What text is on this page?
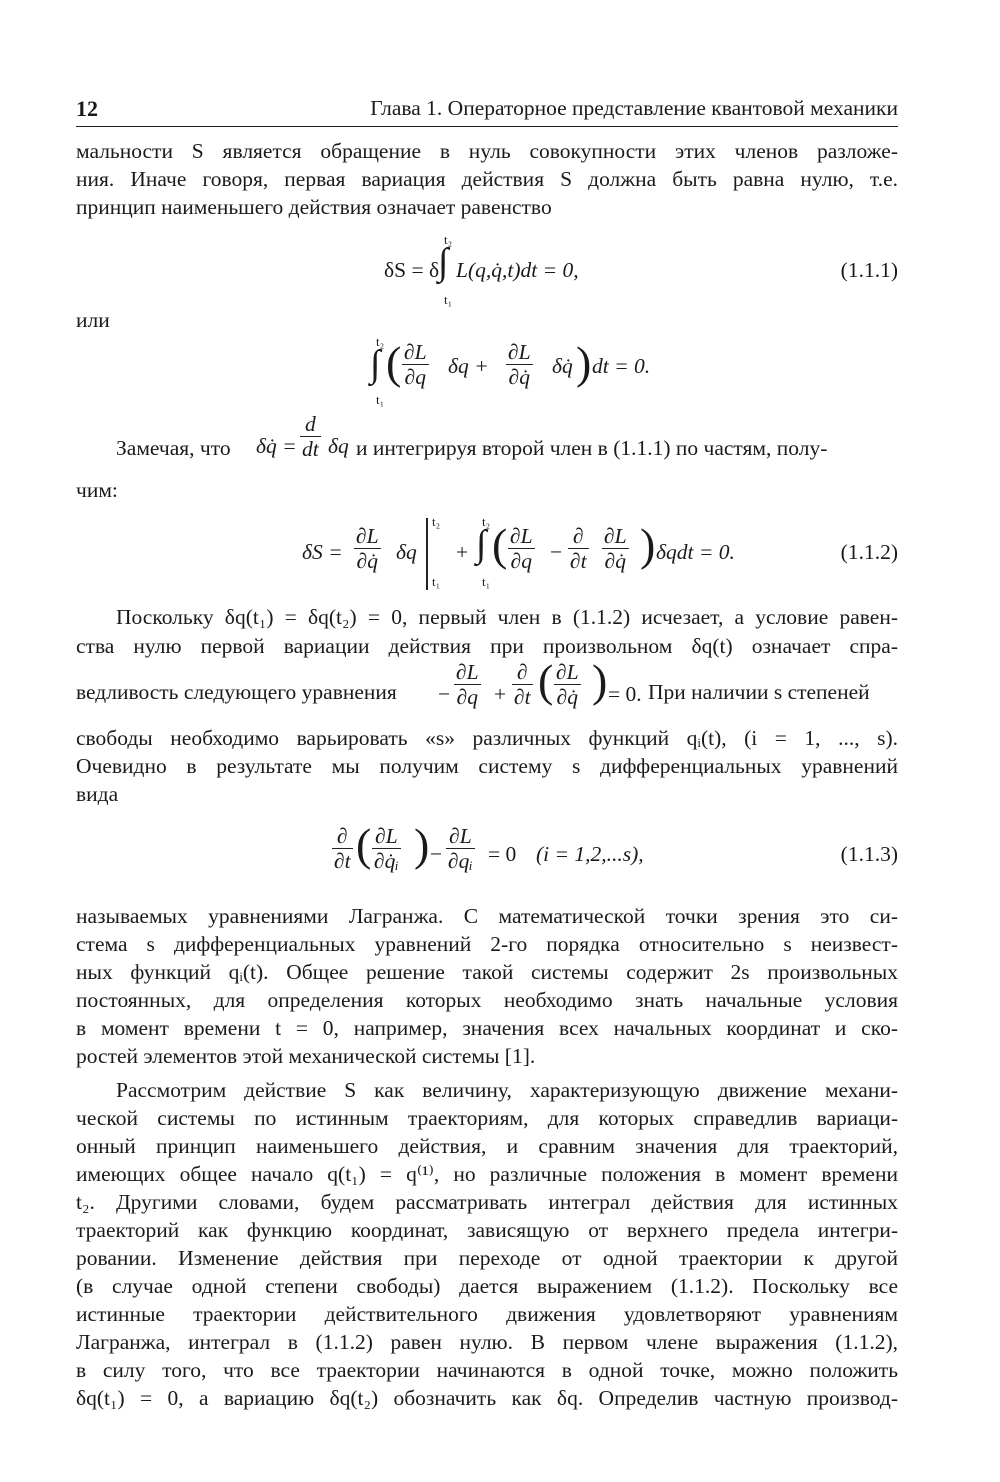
12	Глава 1. Операторное представление квантовой механики
мальности S является обращение в нуль совокупности этих членов разложе-
ния. Иначе говоря, первая вариация действия S должна быть равна нулю, т.е.
принцип наименьшего действия означает равенство
δS = δ
∫
t₂
t₁
L(q,q̇,t)dt = 0,	(1.1.1)
или
∫
t₂
t₁
( $\frac{\partial L}{\partial q}$ $\delta q + \frac{\partial L}{\partial q̇}$ δq̇ ) dt = 0.
Замечая, что δq̇ = $\frac{d}{dt}$ δq и интегрируя второй член в (1.1.1) по частям, полу-
чим:
$\delta S = \frac{\partial L}{\partial q̇}$ δq
t₂
t₁
+ ∫
t₂
t₁
( $\frac{\partial L}{\partial q}$ −
∂
$\partial t \frac{\partial L}{\partial q̇}$ ) δqdt = 0.	(1.1.2)
Поскольку δq(t₁) = δq(t₂) = 0, первый член в (1.1.2) исчезает, а условие равен-
ства нулю первой вариации действия при произвольном δq(t) означает спра-
ведливость следующего уравнения − $\frac{\partial L}{\partial q}$ +
∂
∂t ( $\frac{\partial L}{\partial q̇}$ ) = 0. При наличии s степеней
свободы необходимо варьировать «s» различных функций qᵢ(t), (i = 1, ..., s).
Очевидно в результате мы получим систему s дифференциальных уравнений
вида
∂
∂t ( $\frac{\partial L}{\text{∂q̇ᵢ}}$ ) − $\frac{\partial L}{\text{∂qᵢ}} = 0$ (i = 1,2,...s),	(1.1.3)
называемых уравнениями Лагранжа. С математической точки зрения это си-
стема s дифференциальных уравнений 2-го порядка относительно s неизвест-
ных функций qᵢ(t). Общее решение такой системы содержит 2s произвольных
постоянных, для определения которых необходимо знать начальные условия
в момент времени t = 0, например, значения всех начальных координат и ско-
ростей элементов этой механической системы [1].
Рассмотрим действие S как величину, характеризующую движение механи-
ческой системы по истинным траекториям, для которых справедлив вариаци-
онный принцип наименьшего действия, и сравним значения для траекторий,
имеющих общее начало q(t₁) = q⁽¹⁾, но различные положения в момент времени
t₂. Другими словами, будем рассматривать интеграл действия для истинных
траекторий как функцию координат, зависящую от верхнего предела интегри-
ровании. Изменение действия при переходе от одной траектории к другой
(в случае одной степени свободы) дается выражением (1.1.2). Поскольку все
истинные траектории действительного движения удовлетворяют уравнениям
Лагранжа, интеграл в (1.1.2) равен нулю. В первом члене выражения (1.1.2),
в силу того, что все траектории начинаются в одной точке, можно положить
δq(t₁) = 0, а вариацию δq(t₂) обозначить как δq. Определив частную производ-
